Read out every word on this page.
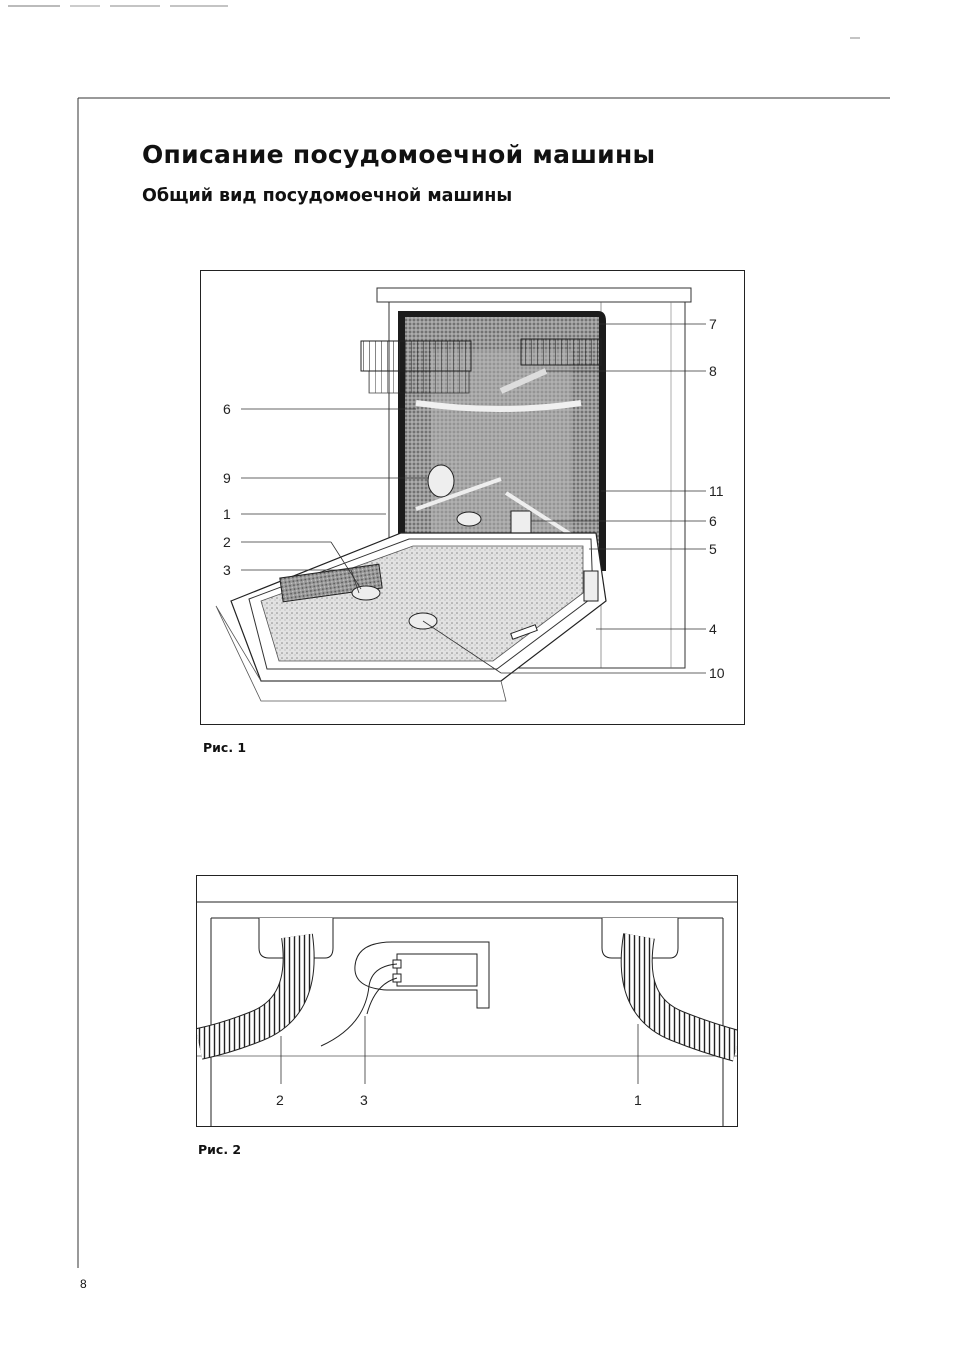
Описание посудомоечной машины
Общий вид посудомоечной машины
6
9
1
2
3
7
8
11
6
5
4
10
Рис. 1
2	3	1
Рис. 2
8
